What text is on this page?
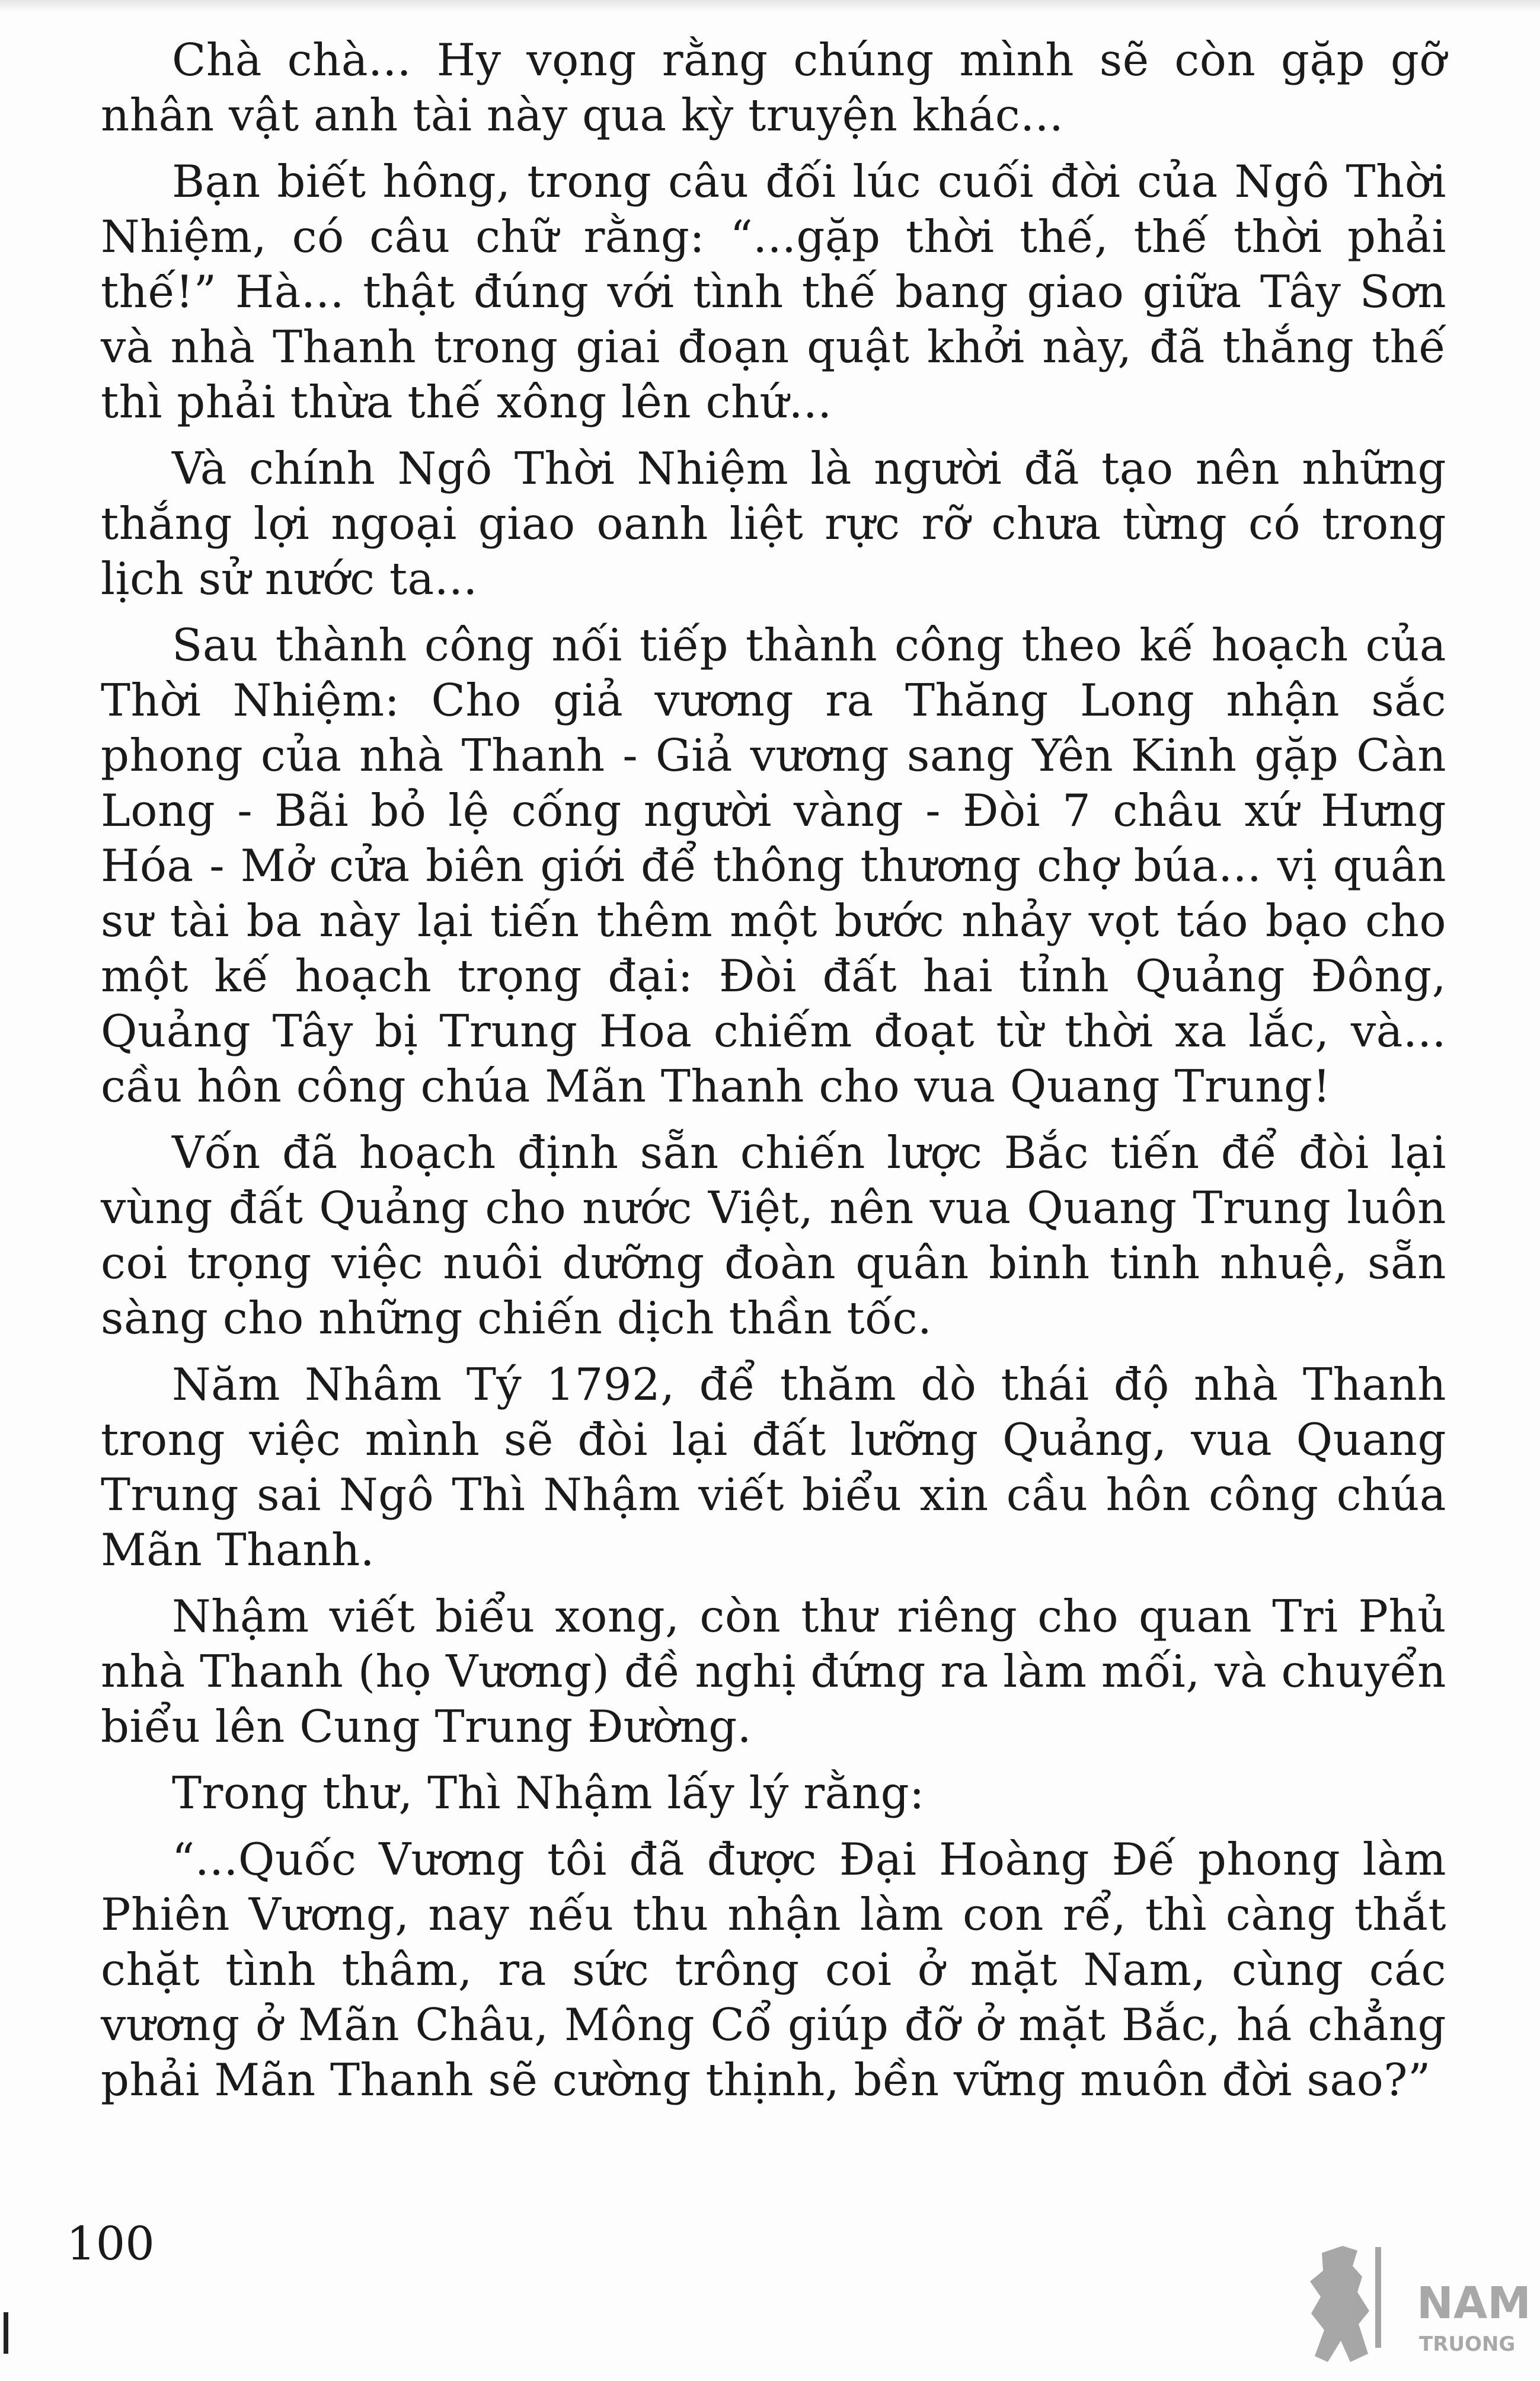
Chà chà... Hy vọng rằng chúng mình sẽ còn gặp gỡ nhân vật anh tài này qua kỳ truyện khác...

Bạn biết hông, trong câu đối lúc cuối đời của Ngô Thời Nhiệm, có câu chữ rằng: “...gặp thời thế, thế thời phải thế!” Hà... thật đúng với tình thế bang giao giữa Tây Sơn và nhà Thanh trong giai đoạn quật khởi này, đã thắng thế thì phải thừa thế xông lên chứ...

Và chính Ngô Thời Nhiệm là người đã tạo nên những thắng lợi ngoại giao oanh liệt rực rỡ chưa từng có trong lịch sử nước ta...

Sau thành công nối tiếp thành công theo kế hoạch của Thời Nhiệm: Cho giả vương ra Thăng Long nhận sắc phong của nhà Thanh - Giả vương sang Yên Kinh gặp Càn Long - Bãi bỏ lệ cống người vàng - Đòi 7 châu xứ Hưng Hóa - Mở cửa biên giới để thông thương chợ búa... vị quân sư tài ba này lại tiến thêm một bước nhảy vọt táo bạo cho một kế hoạch trọng đại: Đòi đất hai tỉnh Quảng Đông, Quảng Tây bị Trung Hoa chiếm đoạt từ thời xa lắc, và... cầu hôn công chúa Mãn Thanh cho vua Quang Trung!

Vốn đã hoạch định sẵn chiến lược Bắc tiến để đòi lại vùng đất Quảng cho nước Việt, nên vua Quang Trung luôn coi trọng việc nuôi dưỡng đoàn quân binh tinh nhuệ, sẵn sàng cho những chiến dịch thần tốc.

Năm Nhâm Tý 1792, để thăm dò thái độ nhà Thanh trong việc mình sẽ đòi lại đất lưỡng Quảng, vua Quang Trung sai Ngô Thì Nhậm viết biểu xin cầu hôn công chúa Mãn Thanh.

Nhậm viết biểu xong, còn thư riêng cho quan Tri Phủ nhà Thanh (họ Vương) đề nghị đứng ra làm mối, và chuyển biểu lên Cung Trung Đường.

Trong thư, Thì Nhậm lấy lý rằng:

“...Quốc Vương tôi đã được Đại Hoàng Đế phong làm Phiên Vương, nay nếu thu nhận làm con rể, thì càng thắt chặt tình thâm, ra sức trông coi ở mặt Nam, cùng các vương ở Mãn Châu, Mông Cổ giúp đỡ ở mặt Bắc, há chẳng phải Mãn Thanh sẽ cường thịnh, bền vững muôn đời sao?”

100
NAM
TRUONG
